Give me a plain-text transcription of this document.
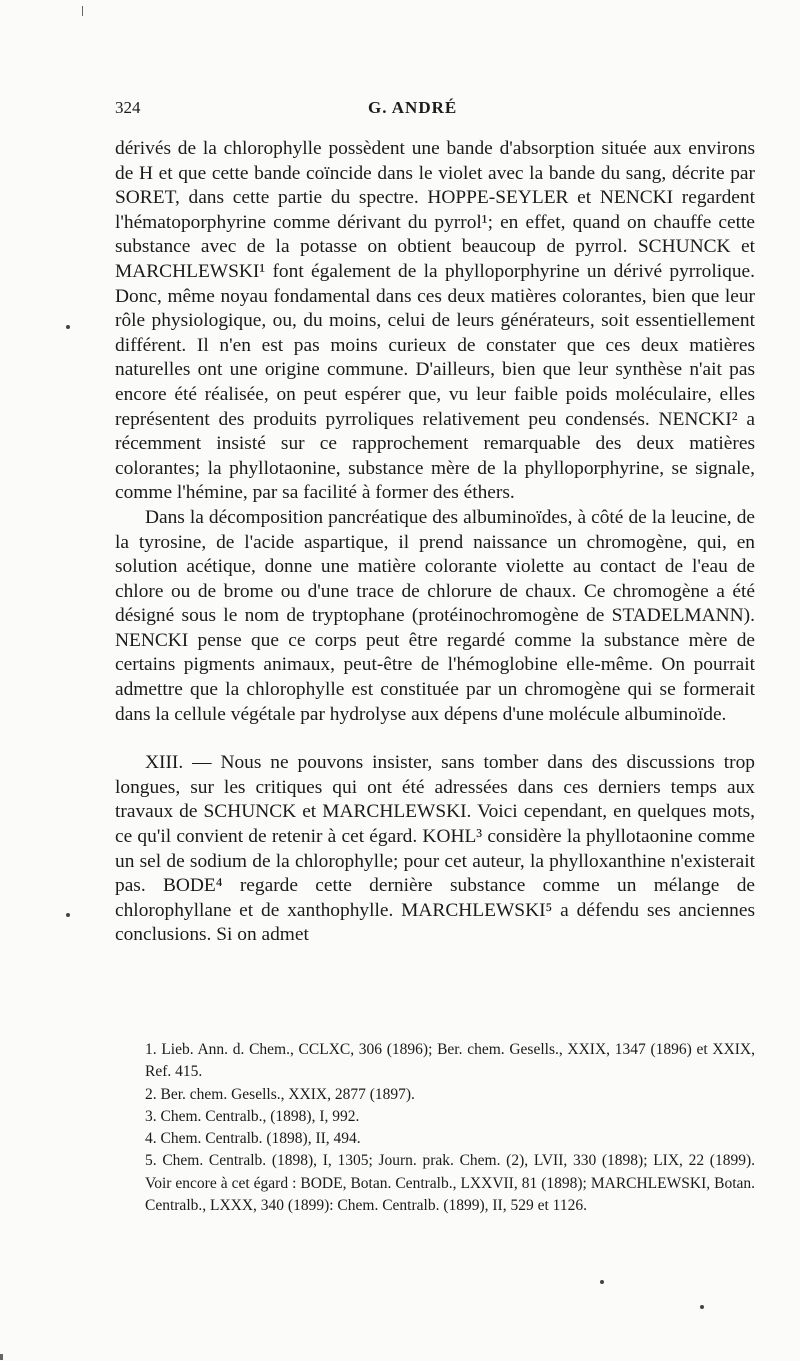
324	G. ANDRÉ

dérivés de la chlorophylle possèdent une bande d'absorption située aux environs de H et que cette bande coïncide dans le violet avec la bande du sang, décrite par SORET, dans cette partie du spectre. HOPPE-SEYLER et NENCKI regardent l'hématoporphyrine comme dérivant du pyrrol¹; en effet, quand on chauffe cette substance avec de la potasse on obtient beaucoup de pyrrol. SCHUNCK et MARCHLEWSKI¹ font également de la phylloporphyrine un dérivé pyrrolique. Donc, même noyau fondamental dans ces deux matières colorantes, bien que leur rôle physiologique, ou, du moins, celui de leurs générateurs, soit essentiellement différent. Il n'en est pas moins curieux de constater que ces deux matières naturelles ont une origine commune. D'ailleurs, bien que leur synthèse n'ait pas encore été réalisée, on peut espérer que, vu leur faible poids moléculaire, elles représentent des produits pyrroliques relativement peu condensés. NENCKI² a récemment insisté sur ce rapprochement remarquable des deux matières colorantes; la phyllotaonine, substance mère de la phylloporphyrine, se signale, comme l'hémine, par sa facilité à former des éthers.

Dans la décomposition pancréatique des albuminoïdes, à côté de la leucine, de la tyrosine, de l'acide aspartique, il prend naissance un chromogène, qui, en solution acétique, donne une matière colorante violette au contact de l'eau de chlore ou de brome ou d'une trace de chlorure de chaux. Ce chromogène a été désigné sous le nom de tryptophane (protéinochromogène de STADELMANN). NENCKI pense que ce corps peut être regardé comme la substance mère de certains pigments animaux, peut-être de l'hémoglobine elle-même. On pourrait admettre que la chlorophylle est constituée par un chromogène qui se formerait dans la cellule végétale par hydrolyse aux dépens d'une molécule albuminoïde.

XIII. — Nous ne pouvons insister, sans tomber dans des discussions trop longues, sur les critiques qui ont été adressées dans ces derniers temps aux travaux de SCHUNCK et MARCHLEWSKI. Voici cependant, en quelques mots, ce qu'il convient de retenir à cet égard. KOHL³ considère la phyllotaonine comme un sel de sodium de la chlorophylle; pour cet auteur, la phylloxanthine n'existerait pas. BODE⁴ regarde cette dernière substance comme un mélange de chlorophyllane et de xanthophylle. MARCHLEWSKI⁵ a défendu ses anciennes conclusions. Si on admet

1. Lieb. Ann. d. Chem., CCLXC, 306 (1896); Ber. chem. Gesells., XXIX, 1347 (1896) et XXIX, Ref. 415.

2. Ber. chem. Gesells., XXIX, 2877 (1897).

3. Chem. Centralb., (1898), I, 992.

4. Chem. Centralb. (1898), II, 494.

5. Chem. Centralb. (1898), I, 1305; Journ. prak. Chem. (2), LVII, 330 (1898); LIX, 22 (1899). Voir encore à cet égard : BODE, Botan. Centralb., LXXVII, 81 (1898); MARCHLEWSKI, Botan. Centralb., LXXX, 340 (1899): Chem. Centralb. (1899), II, 529 et 1126.
